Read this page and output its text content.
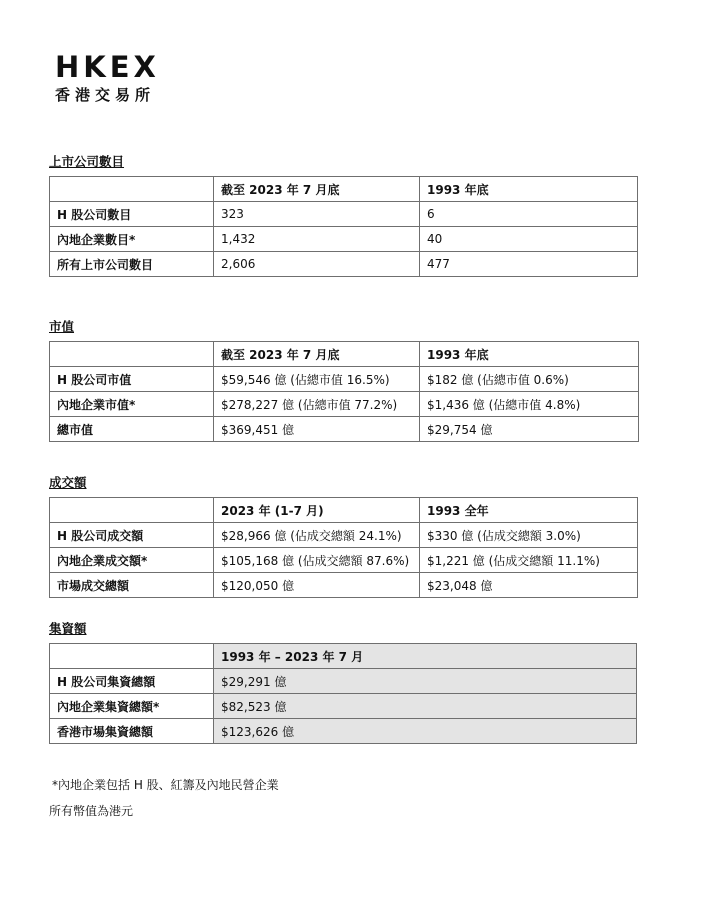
HKEX
香港交易所
上市公司數目
	截至 2023 年 7 月底	1993 年底
H 股公司數目	323	6
內地企業數目*	1,432	40
所有上市公司數目	2,606	477
市值
	截至 2023 年 7 月底	1993 年底
H 股公司市值	$59,546 億 (佔總市值 16.5%)	$182 億 (佔總市值 0.6%)
內地企業市值*	$278,227 億 (佔總市值 77.2%)	$1,436 億 (佔總市值 4.8%)
總市值	$369,451 億	$29,754 億
成交額
	2023 年 (1-7 月)	1993 全年
H 股公司成交額	$28,966 億 (佔成交總額 24.1%)	$330 億 (佔成交總額 3.0%)
內地企業成交額*	$105,168 億 (佔成交總額 87.6%)	$1,221 億 (佔成交總額 11.1%)
市場成交總額	$120,050 億	$23,048 億
集資額
	1993 年 – 2023 年 7 月
H 股公司集資總額	$29,291 億
內地企業集資總額*	$82,523 億
香港市場集資總額	$123,626 億
*內地企業包括 H 股、紅籌及內地民營企業
所有幣值為港元
